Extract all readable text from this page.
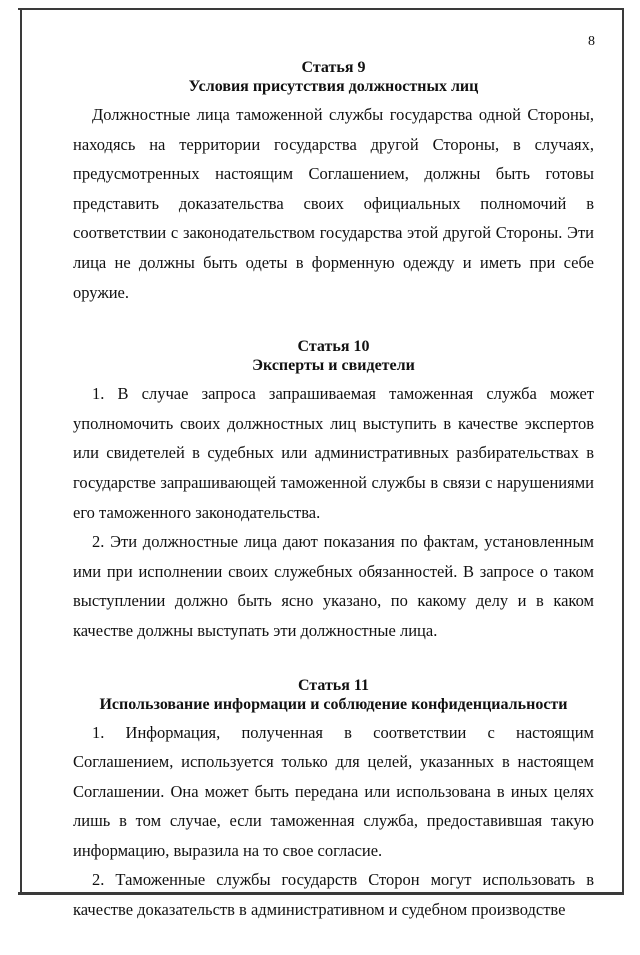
8
Статья 9
Условия присутствия должностных лиц

Должностные лица таможенной службы государства одной Стороны, находясь на территории государства другой Стороны, в случаях, предусмотренных настоящим Соглашением, должны быть готовы представить доказательства своих официальных полномочий в соответствии с законодательством государства этой другой Стороны. Эти лица не должны быть одеты в форменную одежду и иметь при себе оружие.

Статья 10
Эксперты и свидетели

1. В случае запроса запрашиваемая таможенная служба может уполномочить своих должностных лиц выступить в качестве экспертов или свидетелей в судебных или административных разбирательствах в государстве запрашивающей таможенной службы в связи с нарушениями его таможенного законодательства.

2. Эти должностные лица дают показания по фактам, установленным ими при исполнении своих служебных обязанностей. В запросе о таком выступлении должно быть ясно указано, по какому делу и в каком качестве должны выступать эти должностные лица.

Статья 11
Использование информации и соблюдение конфиденциальности

1. Информация, полученная в соответствии с настоящим Соглашением, используется только для целей, указанных в настоящем Соглашении. Она может быть передана или использована в иных целях лишь в том случае, если таможенная служба, предоставившая такую информацию, выразила на то свое согласие.

2. Таможенные службы государств Сторон могут использовать в качестве доказательств в административном и судебном производстве
